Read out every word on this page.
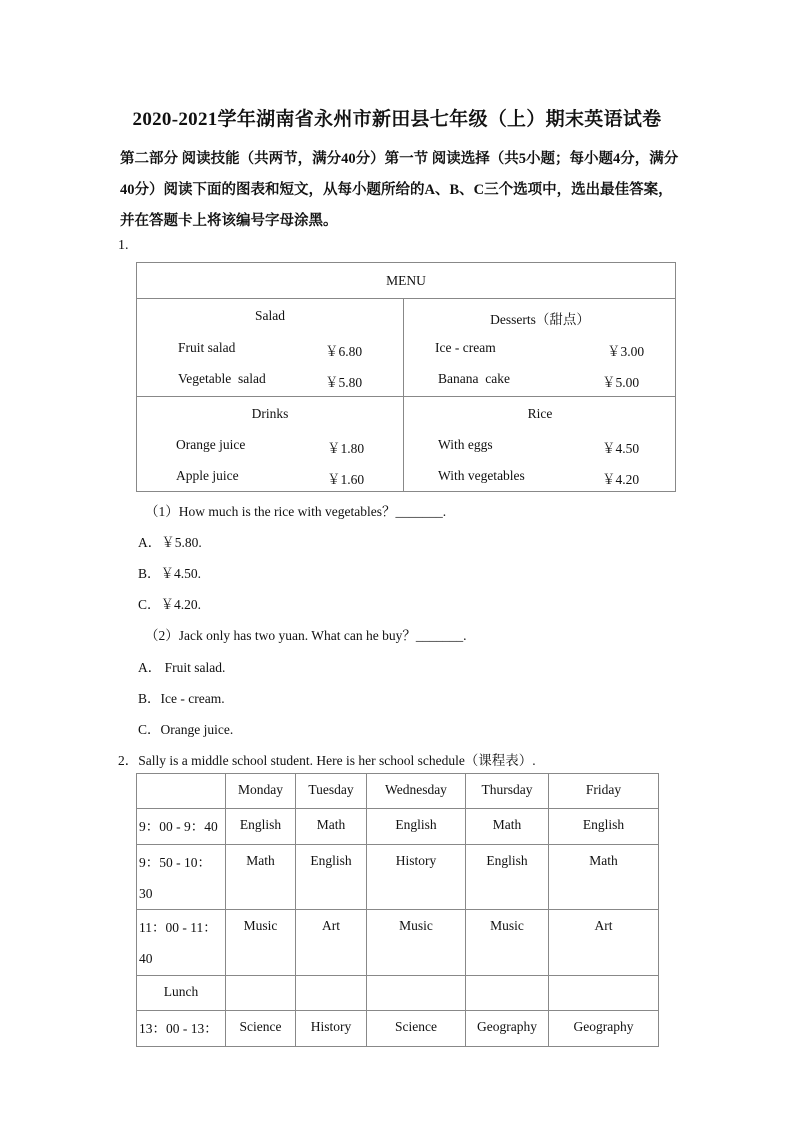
2020-2021学年湖南省永州市新田县七年级（上）期末英语试卷
第二部分 阅读技能（共两节，满分40分）第一节 阅读选择（共5小题；每小题4分，满分40分）阅读下面的图表和短文，从每小题所给的A、B、C三个选项中，选出最佳答案，并在答题卡上将该编号字母涂黑。
1.
MENU
Salad
Fruit salad	￥6.80
Vegetable  salad	￥5.80
Desserts（甜点）
Ice - cream	￥3.00
Banana  cake	￥5.00
Drinks
Orange juice	￥1.80
Apple juice	￥1.60
Rice
With eggs	￥4.50
With vegetables	￥4.20
（1）How much is the rice with vegetables？_______.
A．￥5.80.
B．￥4.50.
C．￥4.20.
（2）Jack only has two yuan. What can he buy？_______.
A． Fruit salad.
B．Ice - cream.
C．Orange juice.
2．Sally is a middle school student. Here is her school schedule（课程表）.
	Monday	Tuesday	Wednesday	Thursday	Friday
9：00 - 9：40	English	Math	English	Math	English
9：50 - 10：30	Math	English	History	English	Math
11：00 - 11：40	Music	Art	Music	Music	Art
Lunch					
13：00 - 13：	Science	History	Science	Geography	Geography
